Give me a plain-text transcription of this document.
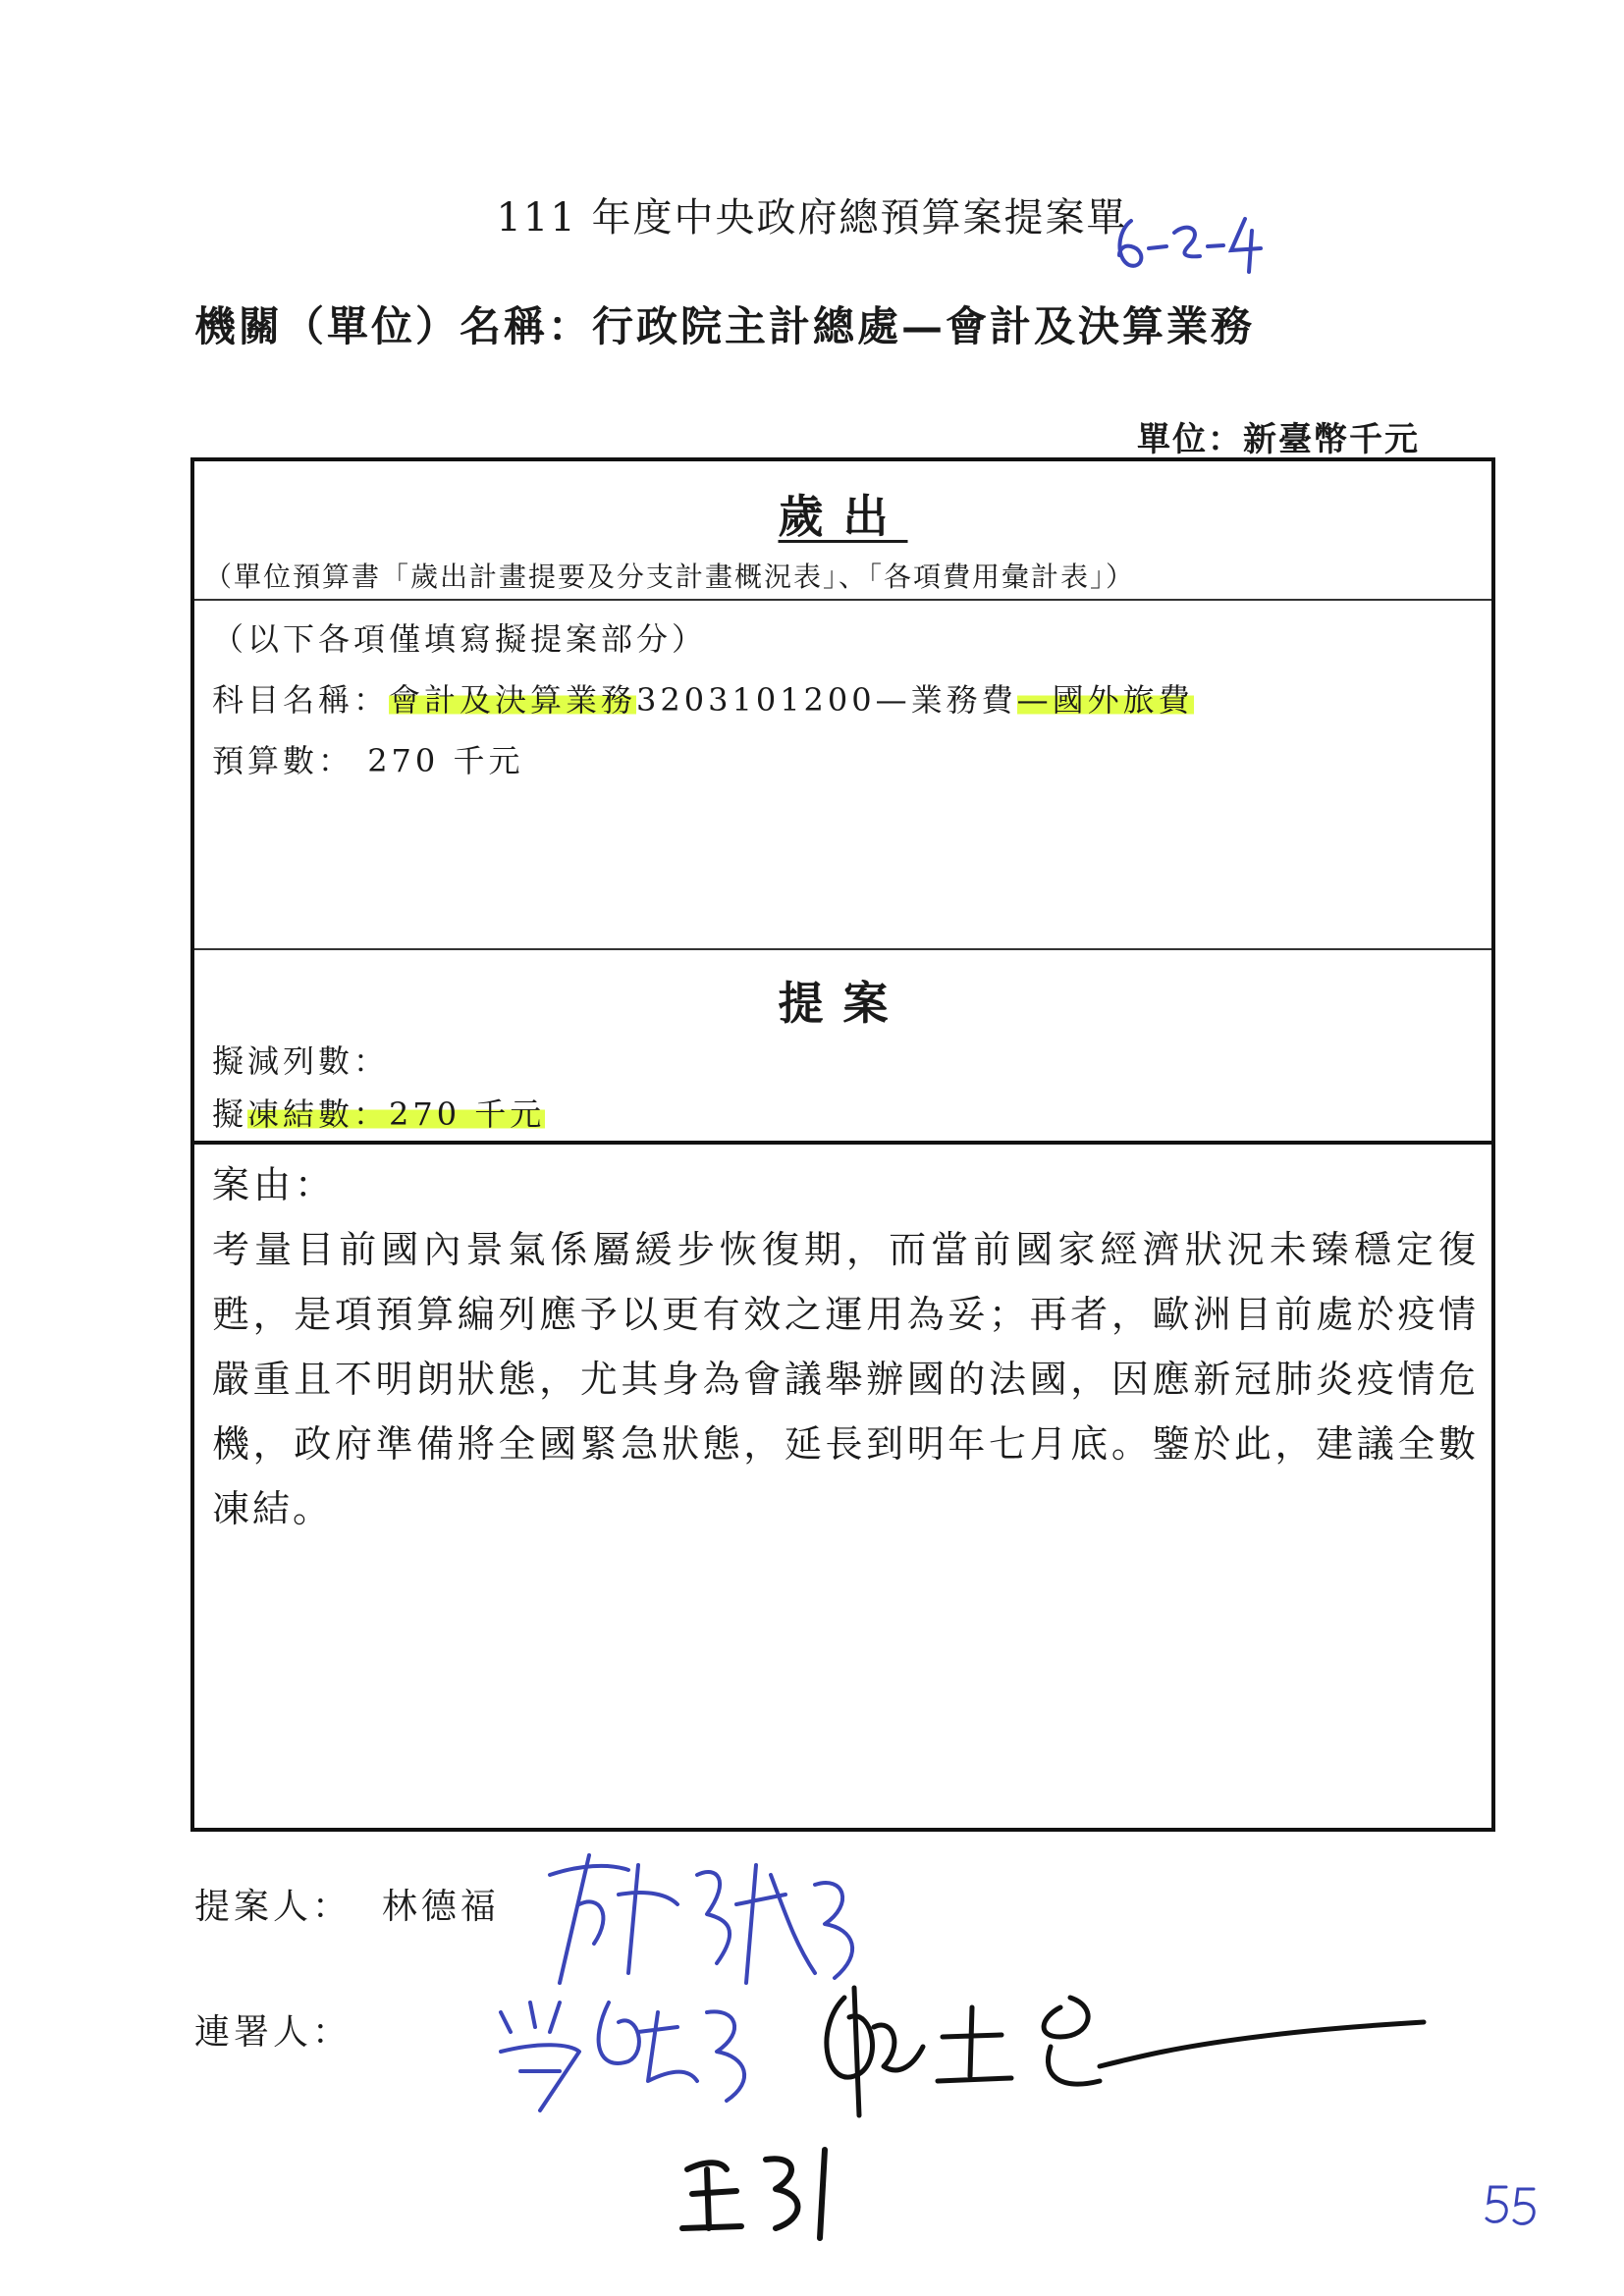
111 年度中央政府總預算案提案單
機關（單位）名稱：行政院主計總處—會計及決算業務
單位：新臺幣千元
歲出
（單位預算書「歲出計畫提要及分支計畫概況表」、「各項費用彙計表」）
（以下各項僅填寫擬提案部分）
科目名稱：會計及決算業務3203101200—業務費—國外旅費
預算數： 270 千元
提案
擬減列數：
擬凍結數：270 千元
案由：
考量目前國內景氣係屬緩步恢復期，而當前國家經濟狀況未臻穩定復甦，是項預算編列應予以更有效之運用為妥；再者，歐洲目前處於疫情嚴重且不明朗狀態，尤其身為會議舉辦國的法國，因應新冠肺炎疫情危機，政府準備將全國緊急狀態，延長到明年七月底。鑒於此，建議全數凍結。
提案人： 林德福
連署人：
